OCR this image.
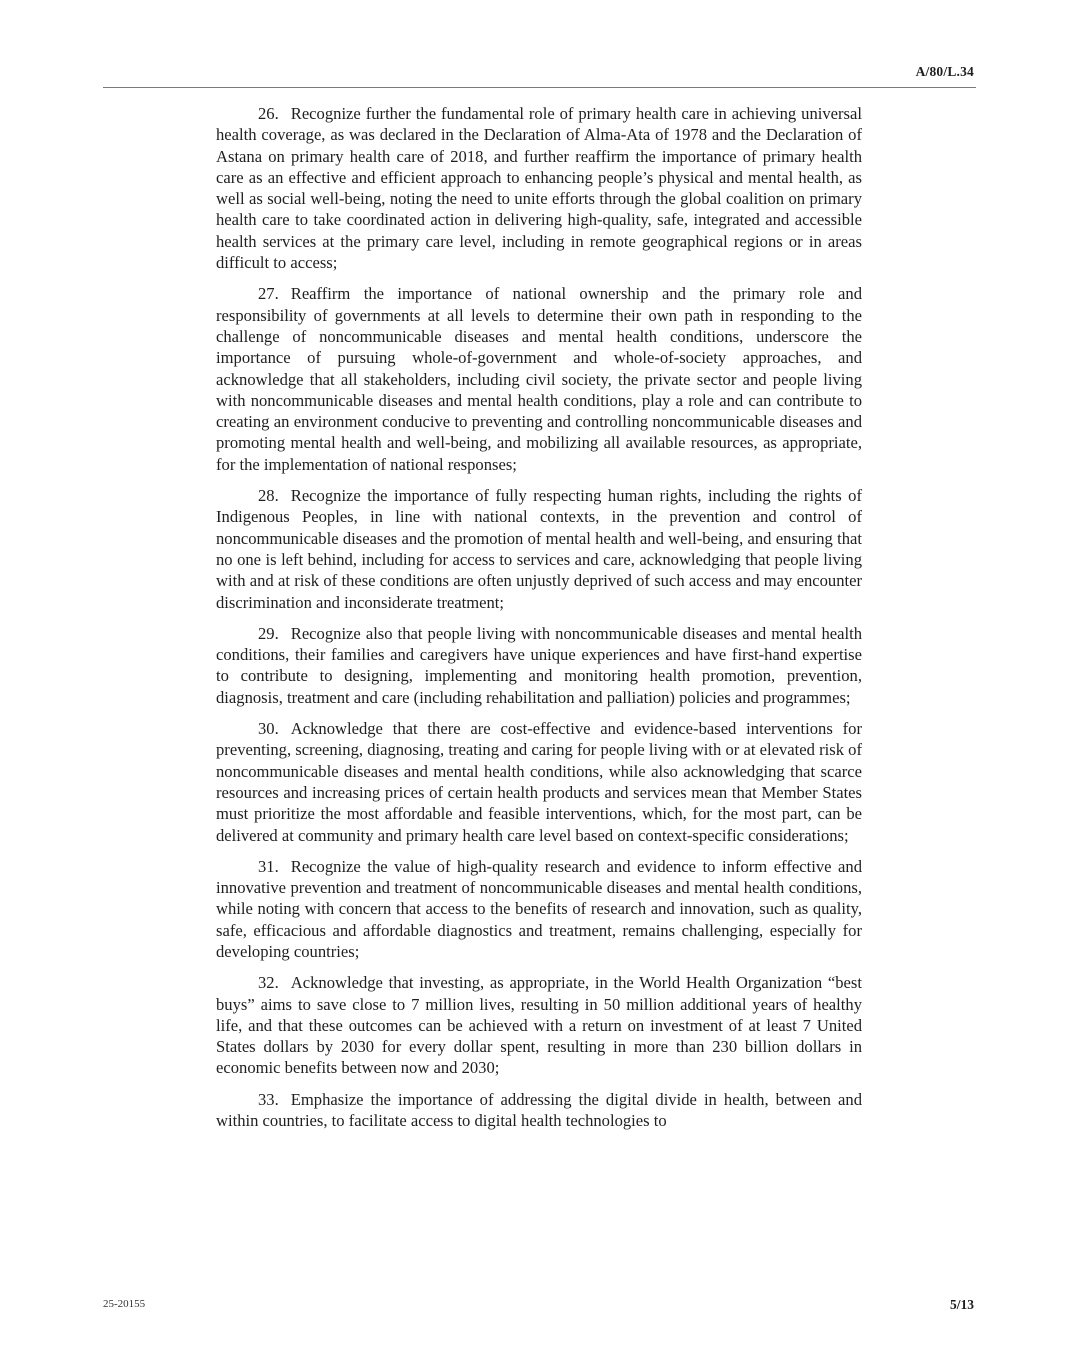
A/80/L.34

26. Recognize further the fundamental role of primary health care in achieving universal health coverage, as was declared in the Declaration of Alma-Ata of 1978 and the Declaration of Astana on primary health care of 2018, and further reaffirm the importance of primary health care as an effective and efficient approach to enhancing people’s physical and mental health, as well as social well-being, noting the need to unite efforts through the global coalition on primary health care to take coordinated action in delivering high-quality, safe, integrated and accessible health services at the primary care level, including in remote geographical regions or in areas difficult to access;

27. Reaffirm the importance of national ownership and the primary role and responsibility of governments at all levels to determine their own path in responding to the challenge of noncommunicable diseases and mental health conditions, underscore the importance of pursuing whole-of-government and whole-of-society approaches, and acknowledge that all stakeholders, including civil society, the private sector and people living with noncommunicable diseases and mental health conditions, play a role and can contribute to creating an environment conducive to preventing and controlling noncommunicable diseases and promoting mental health and well-being, and mobilizing all available resources, as appropriate, for the implementation of national responses;

28. Recognize the importance of fully respecting human rights, including the rights of Indigenous Peoples, in line with national contexts, in the prevention and control of noncommunicable diseases and the promotion of mental health and well-being, and ensuring that no one is left behind, including for access to services and care, acknowledging that people living with and at risk of these conditions are often unjustly deprived of such access and may encounter discrimination and inconsiderate treatment;

29. Recognize also that people living with noncommunicable diseases and mental health conditions, their families and caregivers have unique experiences and have first-hand expertise to contribute to designing, implementing and monitoring health promotion, prevention, diagnosis, treatment and care (including rehabilitation and palliation) policies and programmes;

30. Acknowledge that there are cost-effective and evidence-based interventions for preventing, screening, diagnosing, treating and caring for people living with or at elevated risk of noncommunicable diseases and mental health conditions, while also acknowledging that scarce resources and increasing prices of certain health products and services mean that Member States must prioritize the most affordable and feasible interventions, which, for the most part, can be delivered at community and primary health care level based on context-specific considerations;

31. Recognize the value of high-quality research and evidence to inform effective and innovative prevention and treatment of noncommunicable diseases and mental health conditions, while noting with concern that access to the benefits of research and innovation, such as quality, safe, efficacious and affordable diagnostics and treatment, remains challenging, especially for developing countries;

32. Acknowledge that investing, as appropriate, in the World Health Organization “best buys” aims to save close to 7 million lives, resulting in 50 million additional years of healthy life, and that these outcomes can be achieved with a return on investment of at least 7 United States dollars by 2030 for every dollar spent, resulting in more than 230 billion dollars in economic benefits between now and 2030;

33. Emphasize the importance of addressing the digital divide in health, between and within countries, to facilitate access to digital health technologies to

25-20155	5/13
